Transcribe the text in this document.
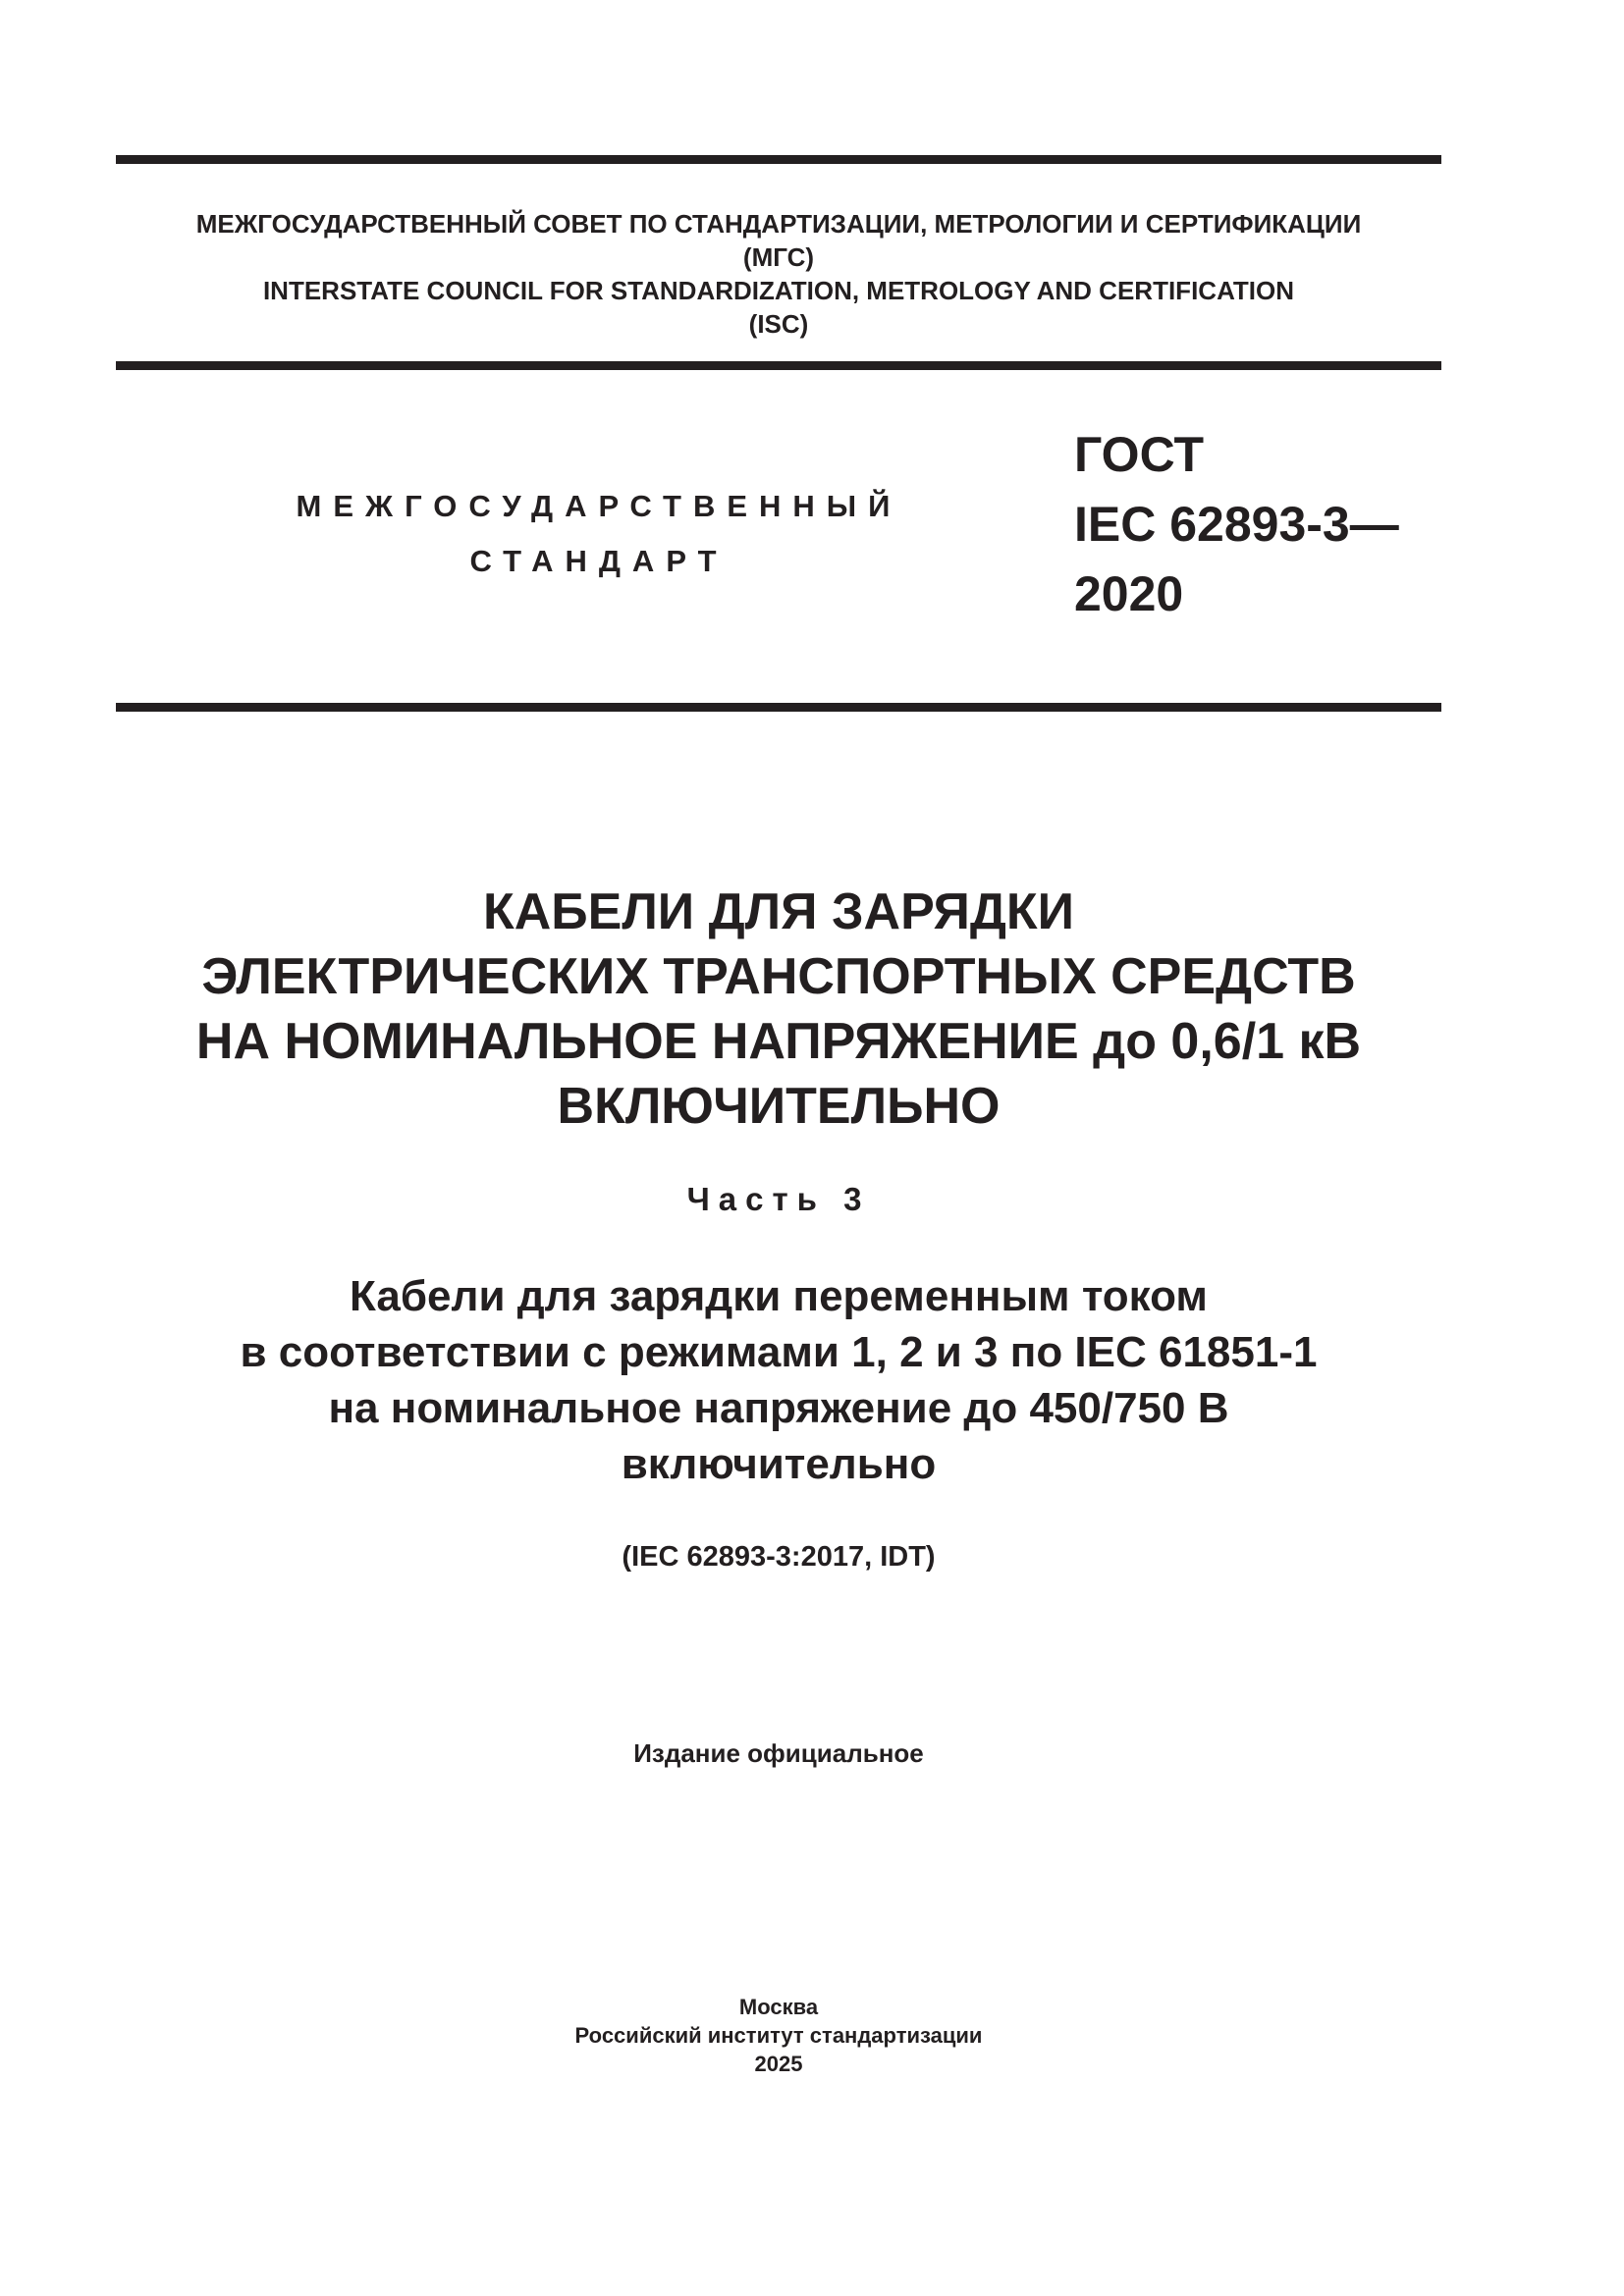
МЕЖГОСУДАРСТВЕННЫЙ СОВЕТ ПО СТАНДАРТИЗАЦИИ, МЕТРОЛОГИИ И СЕРТИФИКАЦИИ
(МГС)
INTERSTATE COUNCIL FOR STANDARDIZATION, METROLOGY AND CERTIFICATION
(ISC)
МЕЖГОСУДАРСТВЕННЫЙ
СТАНДАРТ
ГОСТ
IEC 62893-3—
2020
КАБЕЛИ ДЛЯ ЗАРЯДКИ
ЭЛЕКТРИЧЕСКИХ ТРАНСПОРТНЫХ СРЕДСТВ
НА НОМИНАЛЬНОЕ НАПРЯЖЕНИЕ до 0,6/1 кВ
ВКЛЮЧИТЕЛЬНО
Часть 3
Кабели для зарядки переменным током
в соответствии с режимами 1, 2 и 3 по IEC 61851-1
на номинальное напряжение до 450/750 В
включительно
(IEC 62893-3:2017, IDT)
Издание официальное
Москва
Российский институт стандартизации
2025
